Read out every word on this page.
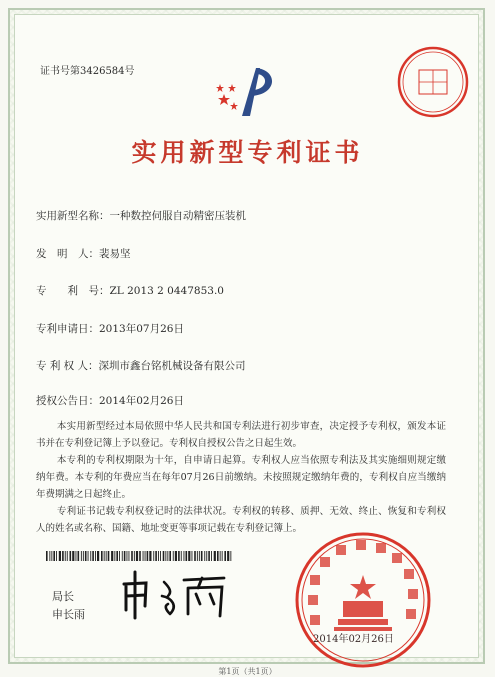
证书号第3426584号
实用新型专利证书
实用新型名称：一种数控伺服自动精密压装机
发　明　人：裴易坚
专　　利　号：ZL 2013 2 0447853.0
专利申请日：2013年07月26日
专 利 权 人：深圳市鑫台铭机械设备有限公司
授权公告日：2014年02月26日

本实用新型经过本局依照中华人民共和国专利法进行初步审查，决定授予专利权，颁发本证书并在专利登记簿上予以登记。专利权自授权公告之日起生效。

本专利的专利权期限为十年，自申请日起算。专利权人应当依照专利法及其实施细则规定缴纳年费。本专利的年费应当在每年07月26日前缴纳。未按照规定缴纳年费的，专利权自应当缴纳年费期满之日起终止。

专利证书记载专利权登记时的法律状况。专利权的转移、质押、无效、终止、恢复和专利权人的姓名或名称、国籍、地址变更等事项记载在专利登记簿上。

局长
申长雨
2014年02月26日
第1页（共1页）
